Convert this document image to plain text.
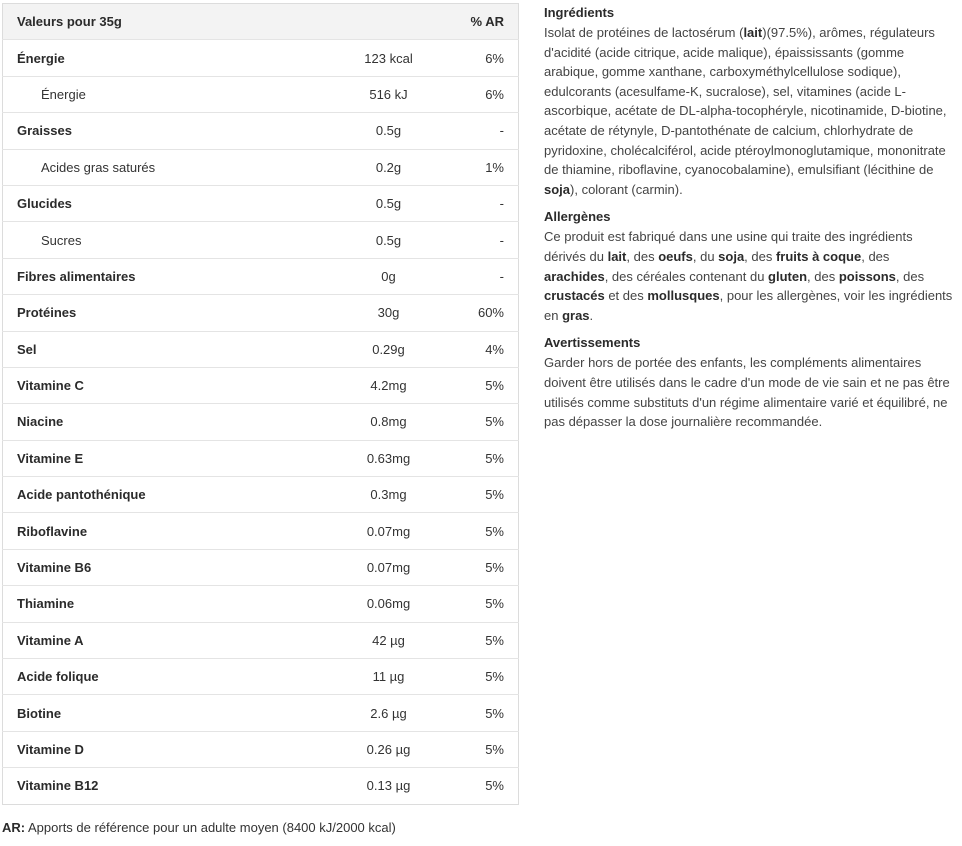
Valeurs pour 35g		% AR
Énergie	123 kcal	6%
Énergie	516 kJ	6%
Graisses	0.5g	-
Acides gras saturés	0.2g	1%
Glucides	0.5g	-
Sucres	0.5g	-
Fibres alimentaires	0g	-
Protéines	30g	60%
Sel	0.29g	4%
Vitamine C	4.2mg	5%
Niacine	0.8mg	5%
Vitamine E	0.63mg	5%
Acide pantothénique	0.3mg	5%
Riboflavine	0.07mg	5%
Vitamine B6	0.07mg	5%
Thiamine	0.06mg	5%
Vitamine A	42 µg	5%
Acide folique	11 µg	5%
Biotine	2.6 µg	5%
Vitamine D	0.26 µg	5%
Vitamine B12	0.13 µg	5%
AR: Apports de référence pour un adulte moyen (8400 kJ/2000 kcal)
Ingrédients

Isolat de protéines de lactosérum (lait)(97.5%), arômes, régulateurs d'acidité (acide citrique, acide malique), épaississants (gomme arabique, gomme xanthane, carboxyméthylcellulose sodique), edulcorants (acesulfame-K, sucralose), sel, vitamines (acide L-ascorbique, acétate de DL-alpha-tocophéryle, nicotinamide, D-biotine, acétate de rétynyle, D-pantothénate de calcium, chlorhydrate de pyridoxine, cholécalciférol, acide ptéroylmonoglutamique, mononitrate de thiamine, riboflavine, cyanocobalamine), emulsifiant (lécithine de soja), colorant (carmin).

Allergènes

Ce produit est fabriqué dans une usine qui traite des ingrédients dérivés du lait, des oeufs, du soja, des fruits à coque, des arachides, des céréales contenant du gluten, des poissons, des crustacés et des mollusques, pour les allergènes, voir les ingrédients en gras.

Avertissements

Garder hors de portée des enfants, les compléments alimentaires doivent être utilisés dans le cadre d'un mode de vie sain et ne pas être utilisés comme substituts d'un régime alimentaire varié et équilibré, ne pas dépasser la dose journalière recommandée.
